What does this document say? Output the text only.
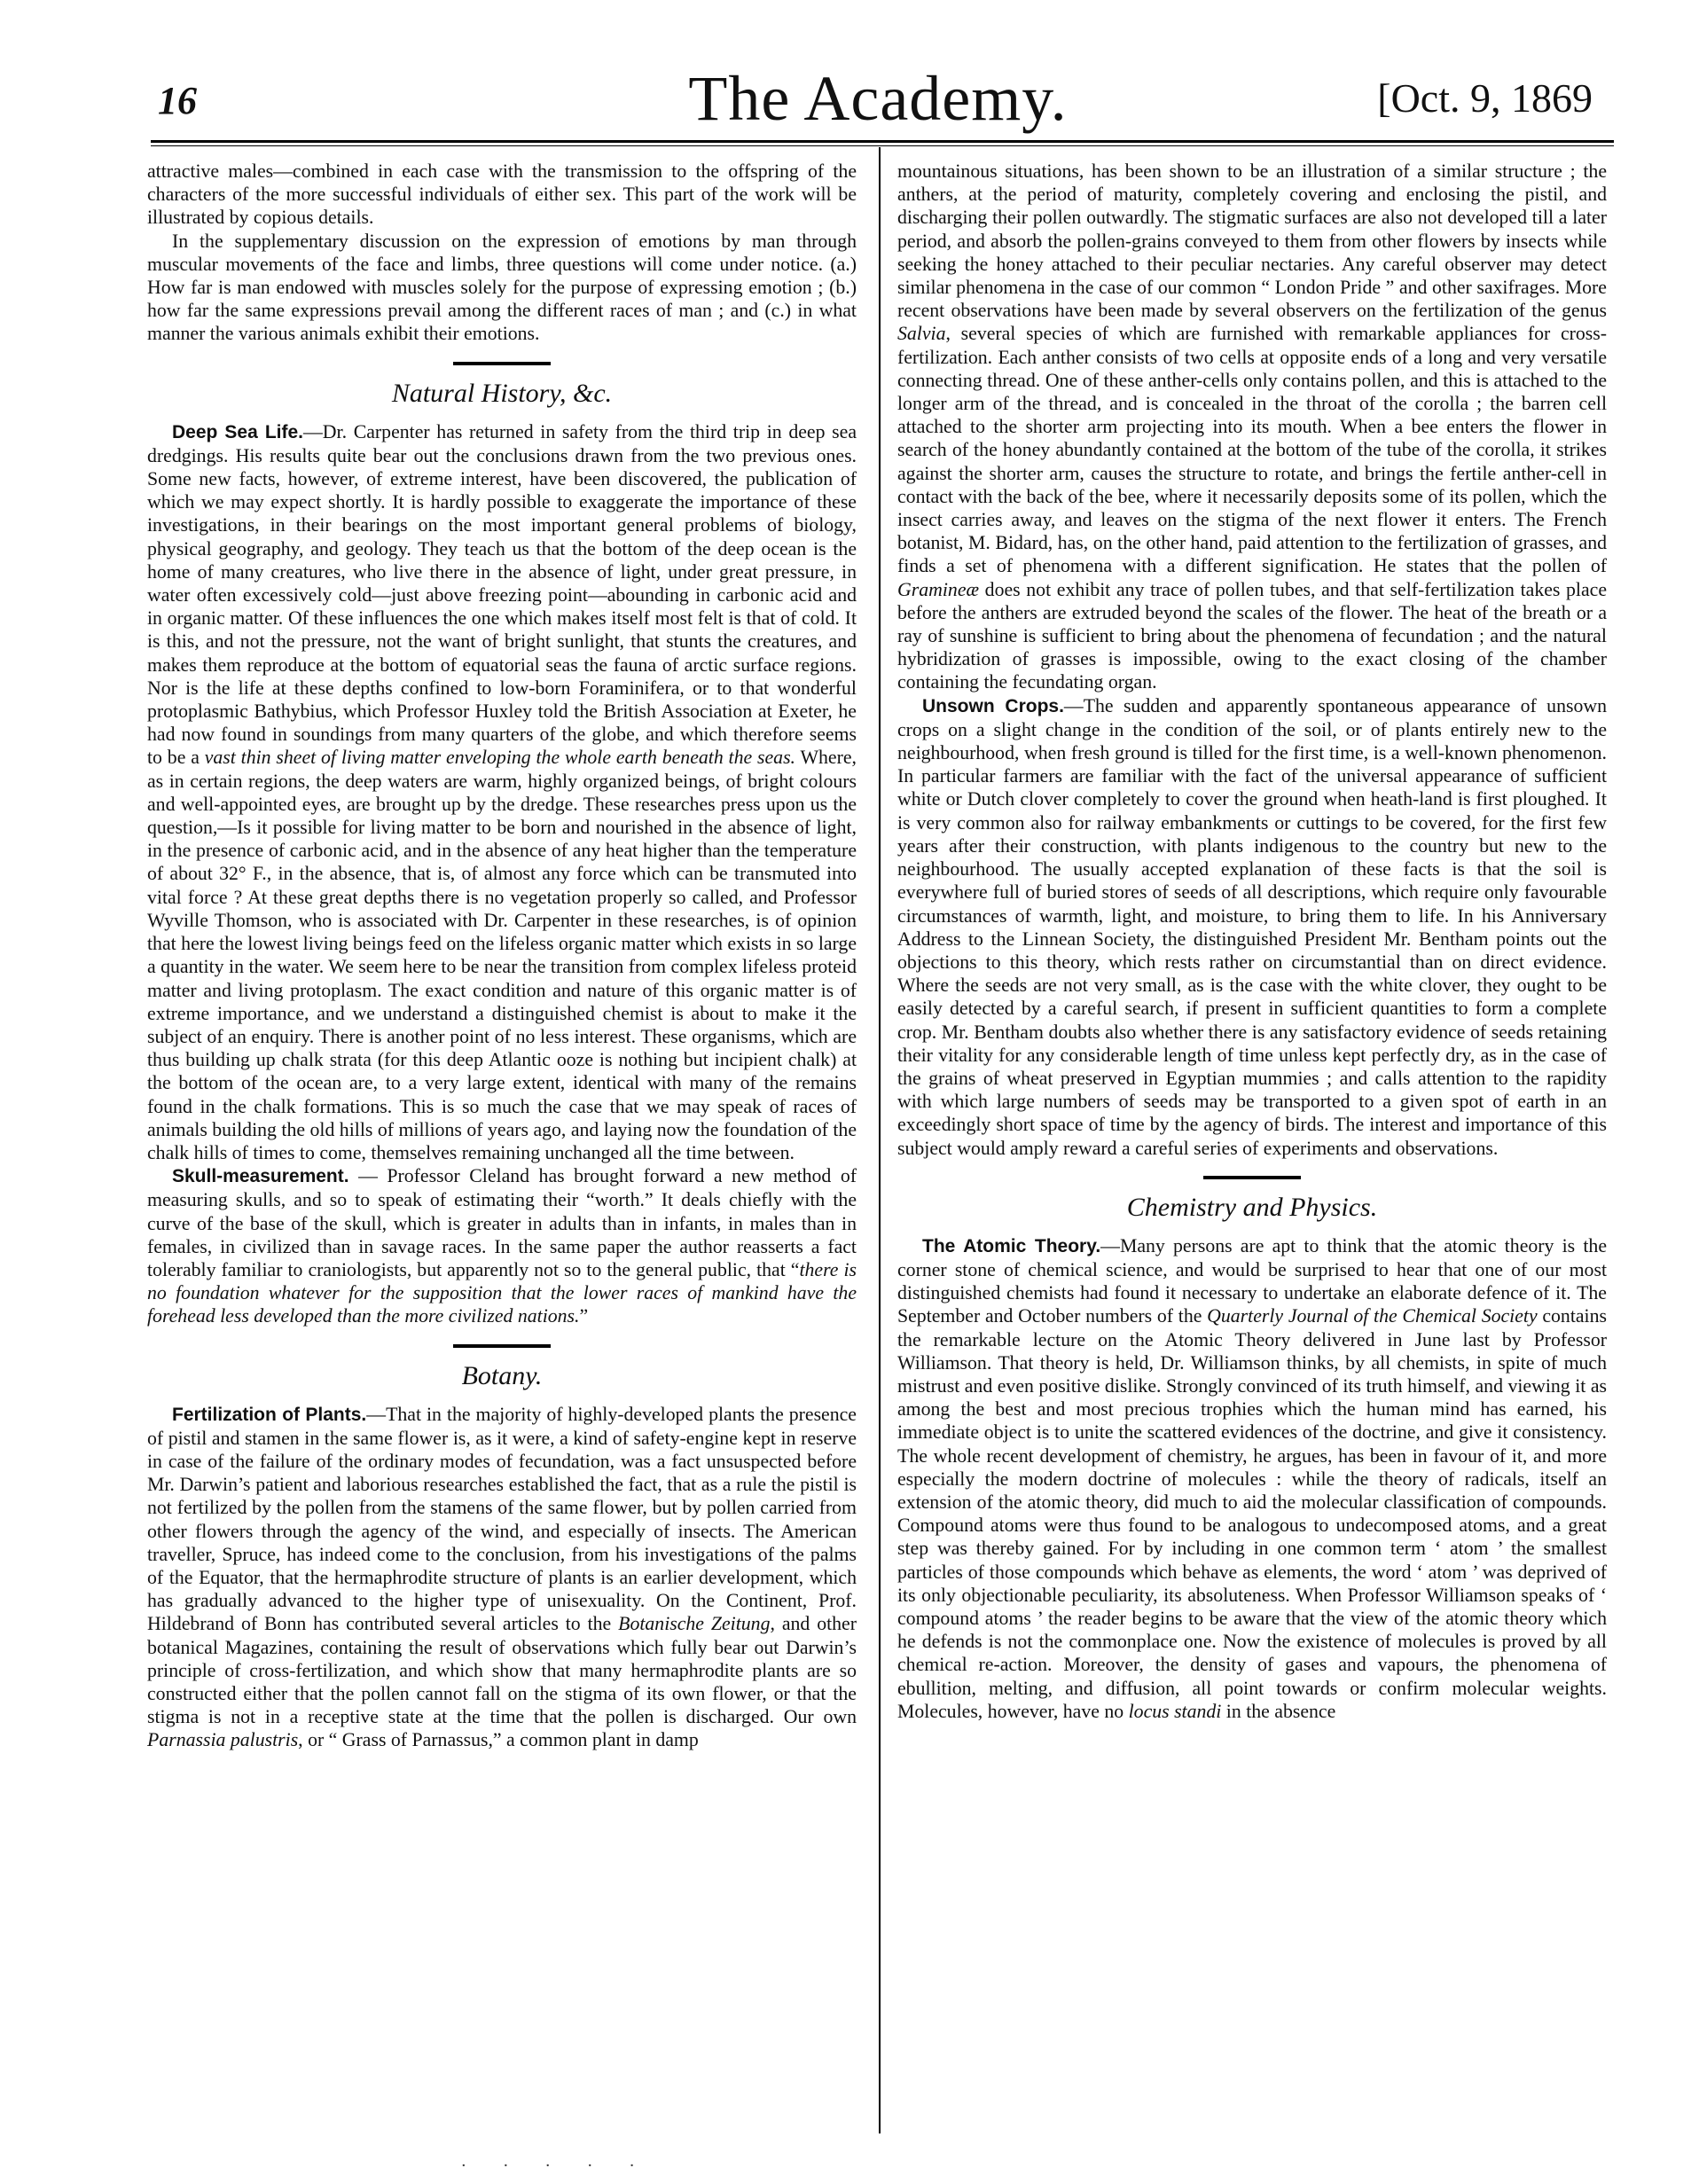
16	The Academy.	[Oct. 9, 1869

attractive males—combined in each case with the transmission to the offspring of the characters of the more successful individuals of either sex. This part of the work will be illustrated by copious details.

In the supplementary discussion on the expression of emotions by man through muscular movements of the face and limbs, three questions will come under notice. (a.) How far is man endowed with muscles solely for the purpose of expressing emotion ; (b.) how far the same expressions prevail among the different races of man ; and (c.) in what manner the various animals exhibit their emotions.

Natural History, &c.

Deep Sea Life.—Dr. Carpenter has returned in safety from the third trip in deep sea dredgings. His results quite bear out the conclusions drawn from the two previous ones. Some new facts, however, of extreme interest, have been discovered, the publication of which we may expect shortly. It is hardly possible to exaggerate the importance of these investigations, in their bearings on the most important general problems of biology, physical geography, and geology. They teach us that the bottom of the deep ocean is the home of many creatures, who live there in the absence of light, under great pressure, in water often excessively cold—just above freezing point—abounding in carbonic acid and in organic matter. Of these influences the one which makes itself most felt is that of cold. It is this, and not the pressure, not the want of bright sunlight, that stunts the creatures, and makes them reproduce at the bottom of equatorial seas the fauna of arctic surface regions. Nor is the life at these depths confined to low-born Foraminifera, or to that wonderful protoplasmic Bathybius, which Professor Huxley told the British Association at Exeter, he had now found in soundings from many quarters of the globe, and which therefore seems to be a vast thin sheet of living matter enveloping the whole earth beneath the seas. Where, as in certain regions, the deep waters are warm, highly organized beings, of bright colours and well-appointed eyes, are brought up by the dredge. These researches press upon us the question,—Is it possible for living matter to be born and nourished in the absence of light, in the presence of carbonic acid, and in the absence of any heat higher than the temperature of about 32° F., in the absence, that is, of almost any force which can be transmuted into vital force ? At these great depths there is no vegetation properly so called, and Professor Wyville Thomson, who is associated with Dr. Carpenter in these researches, is of opinion that here the lowest living beings feed on the lifeless organic matter which exists in so large a quantity in the water. We seem here to be near the transition from complex lifeless proteid matter and living protoplasm. The exact condition and nature of this organic matter is of extreme importance, and we understand a distinguished chemist is about to make it the subject of an enquiry. There is another point of no less interest. These organisms, which are thus building up chalk strata (for this deep Atlantic ooze is nothing but incipient chalk) at the bottom of the ocean are, to a very large extent, identical with many of the remains found in the chalk formations. This is so much the case that we may speak of races of animals building the old hills of millions of years ago, and laying now the foundation of the chalk hills of times to come, themselves remaining unchanged all the time between.

Skull-measurement. — Professor Cleland has brought forward a new method of measuring skulls, and so to speak of estimating their “worth.” It deals chiefly with the curve of the base of the skull, which is greater in adults than in infants, in males than in females, in civilized than in savage races. In the same paper the author reasserts a fact tolerably familiar to craniologists, but apparently not so to the general public, that “there is no foundation whatever for the supposition that the lower races of mankind have the forehead less developed than the more civilized nations.”

Botany.

Fertilization of Plants.—That in the majority of highly-developed plants the presence of pistil and stamen in the same flower is, as it were, a kind of safety-engine kept in reserve in case of the failure of the ordinary modes of fecundation, was a fact unsuspected before Mr. Darwin’s patient and laborious researches established the fact, that as a rule the pistil is not fertilized by the pollen from the stamens of the same flower, but by pollen carried from other flowers through the agency of the wind, and especially of insects. The American traveller, Spruce, has indeed come to the conclusion, from his investigations of the palms of the Equator, that the hermaphrodite structure of plants is an earlier development, which has gradually advanced to the higher type of unisexuality. On the Continent, Prof. Hildebrand of Bonn has contributed several articles to the Botanische Zeitung, and other botanical Magazines, containing the result of observations which fully bear out Darwin’s principle of cross-fertilization, and which show that many hermaphrodite plants are so constructed either that the pollen cannot fall on the stigma of its own flower, or that the stigma is not in a receptive state at the time that the pollen is discharged. Our own Parnassia palustris, or “ Grass of Parnassus,” a common plant in damp

mountainous situations, has been shown to be an illustration of a similar structure ; the anthers, at the period of maturity, completely covering and enclosing the pistil, and discharging their pollen outwardly. The stigmatic surfaces are also not developed till a later period, and absorb the pollen-grains conveyed to them from other flowers by insects while seeking the honey attached to their peculiar nectaries. Any careful observer may detect similar phenomena in the case of our common “ London Pride ” and other saxifrages. More recent observations have been made by several observers on the fertilization of the genus Salvia, several species of which are furnished with remarkable appliances for cross-fertilization. Each anther consists of two cells at opposite ends of a long and very versatile connecting thread. One of these anther-cells only contains pollen, and this is attached to the longer arm of the thread, and is concealed in the throat of the corolla ; the barren cell attached to the shorter arm projecting into its mouth. When a bee enters the flower in search of the honey abundantly contained at the bottom of the tube of the corolla, it strikes against the shorter arm, causes the structure to rotate, and brings the fertile anther-cell in contact with the back of the bee, where it necessarily deposits some of its pollen, which the insect carries away, and leaves on the stigma of the next flower it enters. The French botanist, M. Bidard, has, on the other hand, paid attention to the fertilization of grasses, and finds a set of phenomena with a different signification. He states that the pollen of Gramineæ does not exhibit any trace of pollen tubes, and that self-fertilization takes place before the anthers are extruded beyond the scales of the flower. The heat of the breath or a ray of sunshine is sufficient to bring about the phenomena of fecundation ; and the natural hybridization of grasses is impossible, owing to the exact closing of the chamber containing the fecundating organ.

Unsown Crops.—The sudden and apparently spontaneous appearance of unsown crops on a slight change in the condition of the soil, or of plants entirely new to the neighbourhood, when fresh ground is tilled for the first time, is a well-known phenomenon. In particular farmers are familiar with the fact of the universal appearance of sufficient white or Dutch clover completely to cover the ground when heath-land is first ploughed. It is very common also for railway embankments or cuttings to be covered, for the first few years after their construction, with plants indigenous to the country but new to the neighbourhood. The usually accepted explanation of these facts is that the soil is everywhere full of buried stores of seeds of all descriptions, which require only favourable circumstances of warmth, light, and moisture, to bring them to life. In his Anniversary Address to the Linnean Society, the distinguished President Mr. Bentham points out the objections to this theory, which rests rather on circumstantial than on direct evidence. Where the seeds are not very small, as is the case with the white clover, they ought to be easily detected by a careful search, if present in sufficient quantities to form a complete crop. Mr. Bentham doubts also whether there is any satisfactory evidence of seeds retaining their vitality for any considerable length of time unless kept perfectly dry, as in the case of the grains of wheat preserved in Egyptian mummies ; and calls attention to the rapidity with which large numbers of seeds may be transported to a given spot of earth in an exceedingly short space of time by the agency of birds. The interest and importance of this subject would amply reward a careful series of experiments and observations.

Chemistry and Physics.

The Atomic Theory.—Many persons are apt to think that the atomic theory is the corner stone of chemical science, and would be surprised to hear that one of our most distinguished chemists had found it necessary to undertake an elaborate defence of it. The September and October numbers of the Quarterly Journal of the Chemical Society contains the remarkable lecture on the Atomic Theory delivered in June last by Professor Williamson. That theory is held, Dr. Williamson thinks, by all chemists, in spite of much mistrust and even positive dislike. Strongly convinced of its truth himself, and viewing it as among the best and most precious trophies which the human mind has earned, his immediate object is to unite the scattered evidences of the doctrine, and give it consistency. The whole recent development of chemistry, he argues, has been in favour of it, and more especially the modern doctrine of molecules : while the theory of radicals, itself an extension of the atomic theory, did much to aid the molecular classification of compounds. Compound atoms were thus found to be analogous to undecomposed atoms, and a great step was thereby gained. For by including in one common term ‘ atom ’ the smallest particles of those compounds which behave as elements, the word ‘ atom ’ was deprived of its only objectionable peculiarity, its absoluteness. When Professor Williamson speaks of ‘ compound atoms ’ the reader begins to be aware that the view of the atomic theory which he defends is not the commonplace one. Now the existence of molecules is proved by all chemical re-action. Moreover, the density of gases and vapours, the phenomena of ebullition, melting, and diffusion, all point towards or confirm molecular weights. Molecules, however, have no locus standi in the absence

· · · · ·
